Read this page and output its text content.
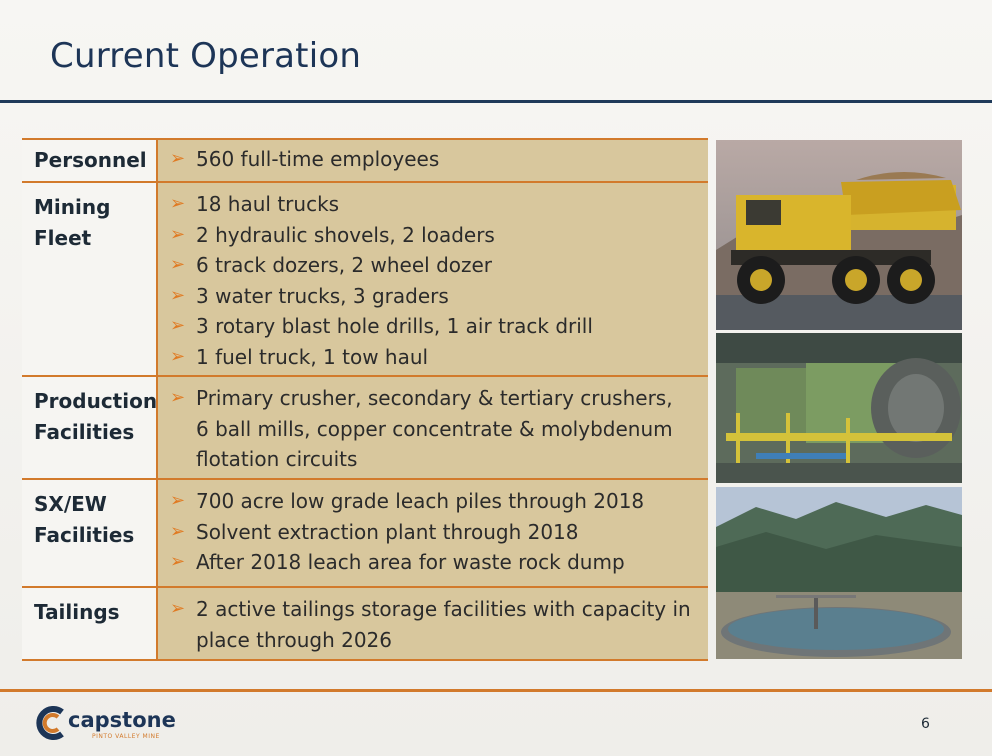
Current Operation
Personnel	➢ 560 full-time employees
Mining
Fleet
➢ 18 haul trucks
➢ 2 hydraulic shovels, 2 loaders
➢ 6 track dozers, 2 wheel dozer
➢ 3 water trucks, 3 graders
➢ 3 rotary blast hole drills, 1 air track drill
➢ 1 fuel truck, 1 tow haul
Production
Facilities
➢ Primary crusher, secondary & tertiary crushers,
6 ball mills, copper concentrate & molybdenum
flotation circuits
SX/EW
Facilities
➢ 700 acre low grade leach piles through 2018
➢ Solvent extraction plant through 2018
➢ After 2018 leach area for waste rock dump
Tailings	➢ 2 active tailings storage facilities with capacity in
place through 2026
capstone
PINTO VALLEY MINE
6
